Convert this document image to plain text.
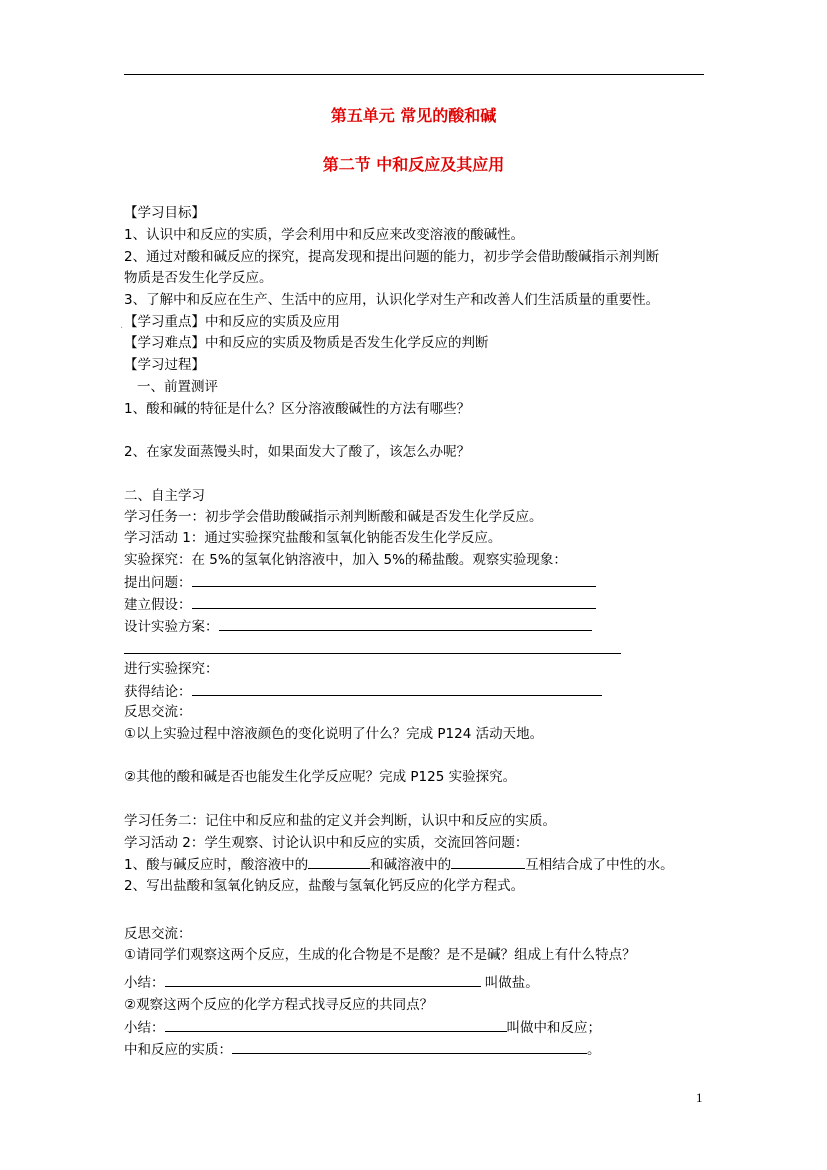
第五单元 常见的酸和碱
第二节 中和反应及其应用
【学习目标】
1、认识中和反应的实质，学会利用中和反应来改变溶液的酸碱性。
2、通过对酸和碱反应的探究，提高发现和提出问题的能力，初步学会借助酸碱指示剂判断
物质是否发生化学反应。
3、了解中和反应在生产、生活中的应用，认识化学对生产和改善人们生活质量的重要性。
. 【学习重点】中和反应的实质及应用
【学习难点】中和反应的实质及物质是否发生化学反应的判断
【学习过程】
一、前置测评
1、酸和碱的特征是什么？区分溶液酸碱性的方法有哪些？
2、在家发面蒸馒头时，如果面发大了酸了，该怎么办呢？
二、自主学习
学习任务一：初步学会借助酸碱指示剂判断酸和碱是否发生化学反应。
学习活动 1：通过实验探究盐酸和氢氧化钠能否发生化学反应。
实验探究：在 5%的氢氧化钠溶液中，加入 5%的稀盐酸。观察实验现象：
提出问题：
建立假设：
设计实验方案：
进行实验探究：
获得结论：
反思交流：
①以上实验过程中溶液颜色的变化说明了什么？完成 P124 活动天地。
②其他的酸和碱是否也能发生化学反应呢？完成 P125 实验探究。
学习任务二：记住中和反应和盐的定义并会判断，认识中和反应的实质。
学习活动 2：学生观察、讨论认识中和反应的实质，交流回答问题：
1、酸与碱反应时，酸溶液中的	和碱溶液中的	互相结合成了中性的水。
2、写出盐酸和氢氧化钠反应，盐酸与氢氧化钙反应的化学方程式。
反思交流：
①请同学们观察这两个反应，生成的化合物是不是酸？是不是碱？组成上有什么特点？
小结：	叫做盐。
②观察这两个反应的化学方程式找寻反应的共同点？
小结：	叫做中和反应；
中和反应的实质：	。
1
